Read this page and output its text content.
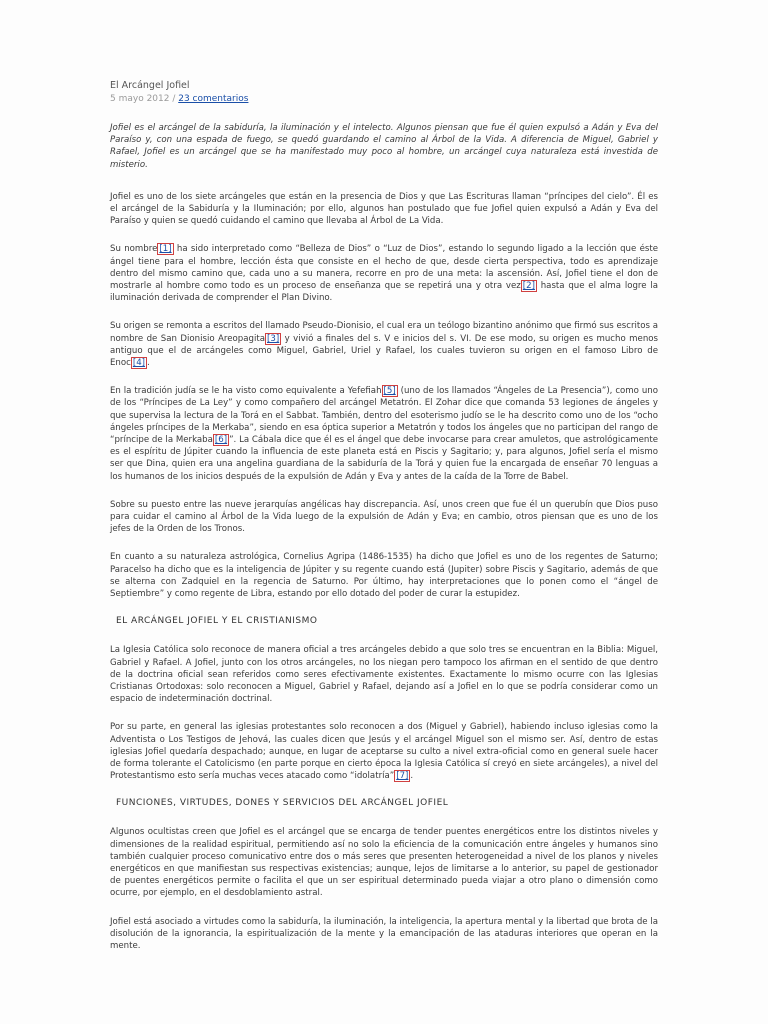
El Arcángel Jofiel
5 mayo 2012 / 23 comentarios

Jofiel es el arcángel de la sabiduría, la iluminación y el intelecto. Algunos piensan que fue él quien expulsó a Adán y Eva del Paraíso y, con una espada de fuego, se quedó guardando el camino al Árbol de la Vida. A diferencia de Miguel, Gabriel y Rafael, Jofiel es un arcángel que se ha manifestado muy poco al hombre, un arcángel cuya naturaleza está investida de misterio.

Jofiel es uno de los siete arcángeles que están en la presencia de Dios y que Las Escrituras llaman “príncipes del cielo”. Él es el arcángel de la Sabiduría y la Iluminación; por ello, algunos han postulado que fue Jofiel quien expulsó a Adán y Eva del Paraíso y quien se quedó cuidando el camino que llevaba al Árbol de La Vida.

Su nombre [1] ha sido interpretado como “Belleza de Dios” o “Luz de Dios”, estando lo segundo ligado a la lección que éste ángel tiene para el hombre, lección ésta que consiste en el hecho de que, desde cierta perspectiva, todo es aprendizaje dentro del mismo camino que, cada uno a su manera, recorre en pro de una meta: la ascensión. Así, Jofiel tiene el don de mostrarle al hombre como todo es un proceso de enseñanza que se repetirá una y otra vez [2] hasta que el alma logre la iluminación derivada de comprender el Plan Divino.

Su origen se remonta a escritos del llamado Pseudo-Dionisio, el cual era un teólogo bizantino anónimo que firmó sus escritos a nombre de San Dionisio Areopagita [3] y vivió a finales del s. V e inicios del s. VI. De ese modo, su origen es mucho menos antiguo que el de arcángeles como Miguel, Gabriel, Uriel y Rafael, los cuales tuvieron su origen en el famoso Libro de Enoc [4] .

En la tradición judía se le ha visto como equivalente a Yefefiah [5] (uno de los llamados “Ángeles de La Presencia”), como uno de los “Príncipes de La Ley” y como compañero del arcángel Metatrón. El Zohar dice que comanda 53 legiones de ángeles y que supervisa la lectura de la Torá en el Sabbat. También, dentro del esoterismo judío se le ha descrito como uno de los “ocho ángeles príncipes de la Merkaba”, siendo en esa óptica superior a Metatrón y todos los ángeles que no participan del rango de “príncipe de la Merkaba [6] ”. La Cábala dice que él es el ángel que debe invocarse para crear amuletos, que astrológicamente es el espíritu de Júpiter cuando la influencia de este planeta está en Piscis y Sagitario; y, para algunos, Jofiel sería el mismo ser que Dina, quien era una angelina guardiana de la sabiduría de la Torá y quien fue la encargada de enseñar 70 lenguas a los humanos de los inicios después de la expulsión de Adán y Eva y antes de la caída de la Torre de Babel.

Sobre su puesto entre las nueve jerarquías angélicas hay discrepancia. Así, unos creen que fue él un querubín que Dios puso para cuidar el camino al Árbol de la Vida luego de la expulsión de Adán y Eva; en cambio, otros piensan que es uno de los jefes de la Orden de los Tronos.

En cuanto a su naturaleza astrológica, Cornelius Agripa (1486-1535) ha dicho que Jofiel es uno de los regentes de Saturno; Paracelso ha dicho que es la inteligencia de Júpiter y su regente cuando está (Jupiter) sobre Piscis y Sagitario, además de que se alterna con Zadquiel en la regencia de Saturno. Por último, hay interpretaciones que lo ponen como el “ángel de Septiembre” y como regente de Libra, estando por ello dotado del poder de curar la estupidez.

EL ARCÁNGEL JOFIEL Y EL CRISTIANISMO

La Iglesia Católica solo reconoce de manera oficial a tres arcángeles debido a que solo tres se encuentran en la Biblia: Miguel, Gabriel y Rafael. A Jofiel, junto con los otros arcángeles, no los niegan pero tampoco los afirman en el sentido de que dentro de la doctrina oficial sean referidos como seres efectivamente existentes. Exactamente lo mismo ocurre con las Iglesias Cristianas Ortodoxas: solo reconocen a Miguel, Gabriel y Rafael, dejando así a Jofiel en lo que se podría considerar como un espacio de indeterminación doctrinal.

Por su parte, en general las iglesias protestantes solo reconocen a dos (Miguel y Gabriel), habiendo incluso iglesias como la Adventista o Los Testigos de Jehová, las cuales dicen que Jesús y el arcángel Miguel son el mismo ser. Así, dentro de estas iglesias Jofiel quedaría despachado; aunque, en lugar de aceptarse su culto a nivel extra-oficial como en general suele hacer de forma tolerante el Catolicismo (en parte porque en cierto época la Iglesia Católica sí creyó en siete arcángeles), a nivel del Protestantismo esto sería muchas veces atacado como “idolatría” [7] .

FUNCIONES, VIRTUDES, DONES Y SERVICIOS DEL ARCÁNGEL JOFIEL

Algunos ocultistas creen que Jofiel es el arcángel que se encarga de tender puentes energéticos entre los distintos niveles y dimensiones de la realidad espiritual, permitiendo así no solo la eficiencia de la comunicación entre ángeles y humanos sino también cualquier proceso comunicativo entre dos o más seres que presenten heterogeneidad a nivel de los planos y niveles energéticos en que manifiestan sus respectivas existencias; aunque, lejos de limitarse a lo anterior, su papel de gestionador de puentes energéticos permite o facilita el que un ser espiritual determinado pueda viajar a otro plano o dimensión como ocurre, por ejemplo, en el desdoblamiento astral.

Jofiel está asociado a virtudes como la sabiduría, la iluminación, la inteligencia, la apertura mental y la libertad que brota de la disolución de la ignorancia, la espiritualización de la mente y la emancipación de las ataduras interiores que operan en la mente.
